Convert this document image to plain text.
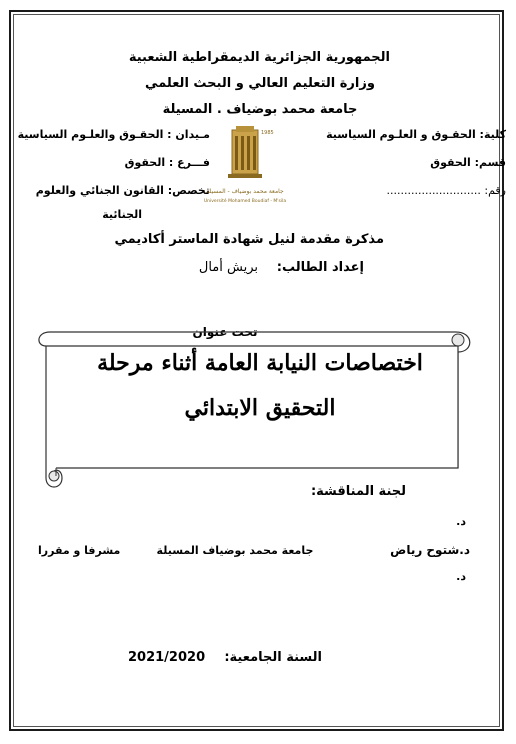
الجمهورية الجزائرية الديمقراطية الشعبية
وزارة التعليم العالي و البحث العلمي
جامعة محمد بوضياف . المسيلة
كلية: الحقـوق و العلـوم السياسية
قسم: الحقوق
رقم: ...........................
مـيدان : الحقـوق والعلـوم السياسية
فـــرع : الحقوق
تخصص: القانون الجنائي والعلوم
الجنائية
1985
جامعة محمد بوضياف - المسيلة
Université Mohamed Boudiaf - M'sila
مذكرة مقدمة لنيل شهادة الماستر أكاديمي
إعداد الطالب:
بريش أمال
تحت عنوان
اختصاصات النيابة العامة أثناء مرحلة
التحقيق الابتدائي
لجنة المناقشة:
د.
د.شتوح رياض
جامعة محمد بوضياف المسيلة
مشرفا و مقررا
د.
السنة الجامعية:
2021/2020
